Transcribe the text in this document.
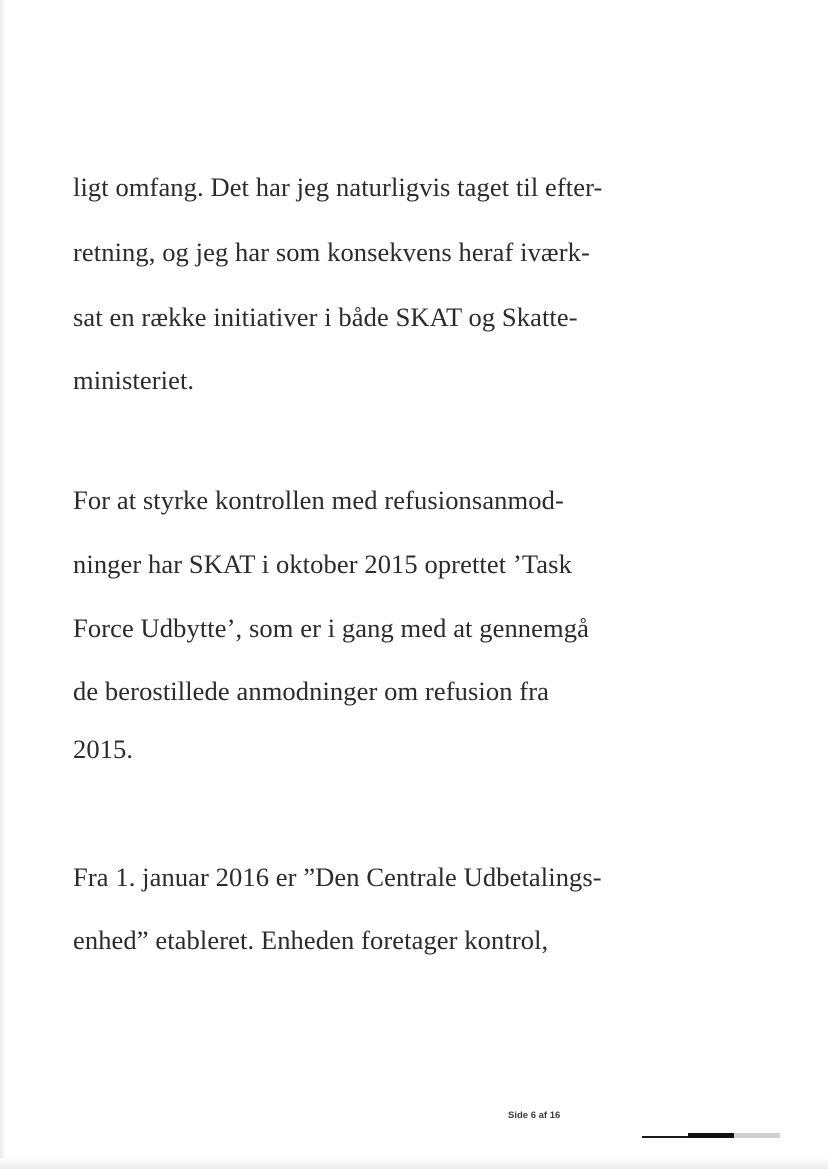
ligt omfang. Det har jeg naturligvis taget til efter-

retning, og jeg har som konsekvens heraf iværk-

sat en række initiativer i både SKAT og Skatte-

ministeriet.

For at styrke kontrollen med refusionsanmod-

ninger har SKAT i oktober 2015 oprettet ’Task

Force Udbytte’, som er i gang med at gennemgå

de berostillede anmodninger om refusion fra

2015.

Fra 1. januar 2016 er ”Den Centrale Udbetalings-

enhed” etableret. Enheden foretager kontrol,

Side 6 af 16
